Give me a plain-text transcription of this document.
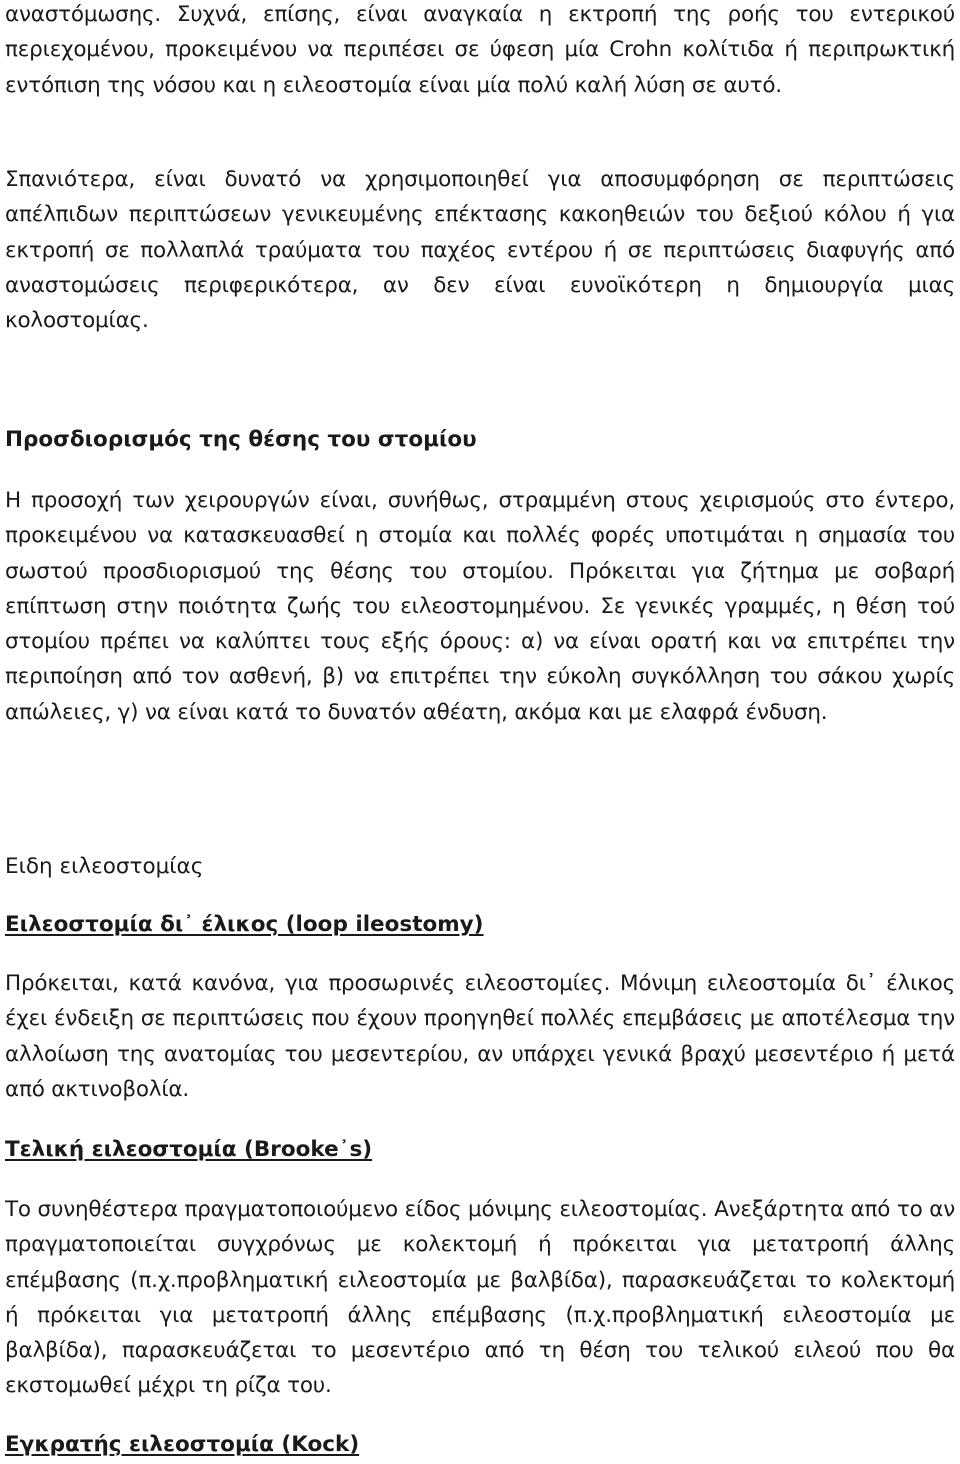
αναστόμωσης. Συχνά, επίσης, είναι αναγκαία η εκτροπή της ροής του εντερικού περιεχομένου, προκειμένου να περιπέσει σε ύφεση μία Crohn κολίτιδα ή περιπρωκτική εντόπιση της νόσου και η ειλεοστομία είναι μία πολύ καλή λύση σε αυτό.

Σπανιότερα, είναι δυνατό να χρησιμοποιηθεί για αποσυμφόρηση σε περιπτώσεις απέλπιδων περιπτώσεων γενικευμένης επέκτασης κακοηθειών του δεξιού κόλου ή για εκτροπή σε πολλαπλά τραύματα του παχέος εντέρου ή σε περιπτώσεις διαφυγής από αναστομώσεις περιφερικότερα, αν δεν είναι ευνοϊκότερη η δημιουργία μιας κολοστομίας.

Προσδιορισμός της θέσης του στομίου

Η προσοχή των χειρουργών είναι, συνήθως, στραμμένη στους χειρισμούς στο έντερο, προκειμένου να κατασκευασθεί η στομία και πολλές φορές υποτιμάται η σημασία του σωστού προσδιορισμού της θέσης του στομίου. Πρόκειται για ζήτημα με σοβαρή επίπτωση στην ποιότητα ζωής του ειλεοστομημένου. Σε γενικές γραμμές, η θέση τού στομίου πρέπει να καλύπτει τους εξής όρους: α) να είναι ορατή και να επιτρέπει την περιποίηση από τον ασθενή, β) να επιτρέπει την εύκολη συγκόλληση του σάκου χωρίς απώλειες, γ) να είναι κατά το δυνατόν αθέατη, ακόμα και με ελαφρά ένδυση.

Ειδη ειλεοστομίας

Ειλεοστομία δι᾽ έλικος (loop ileostomy)

Πρόκειται, κατά κανόνα, για προσωρινές ειλεοστομίες. Μόνιμη ειλεοστομία δι᾽ έλικος έχει ένδειξη σε περιπτώσεις που έχουν προηγηθεί πολλές επεμβάσεις με αποτέλεσμα την αλλοίωση της ανατομίας του μεσεντερίου, αν υπάρχει γενικά βραχύ μεσεντέριο ή μετά από ακτινοβολία.

Τελική ειλεοστομία (Brooke᾽s)

Το συνηθέστερα πραγματοποιούμενο είδος μόνιμης ειλεοστομίας. Ανεξάρτητα από το αν πραγματοποιείται συγχρόνως με κολεκτομή ή πρόκειται για μετατροπή άλλης επέμβασης (π.χ.προβληματική ειλεοστομία με βαλβίδα), παρασκευάζεται το κολεκτομή ή πρόκειται για μετατροπή άλλης επέμβασης (π.χ.προβληματική ειλεοστομία με βαλβίδα), παρασκευάζεται το μεσεντέριο από τη θέση του τελικού ειλεού που θα εκστομωθεί μέχρι τη ρίζα του.

Εγκρατής ειλεοστομία (Kock)
